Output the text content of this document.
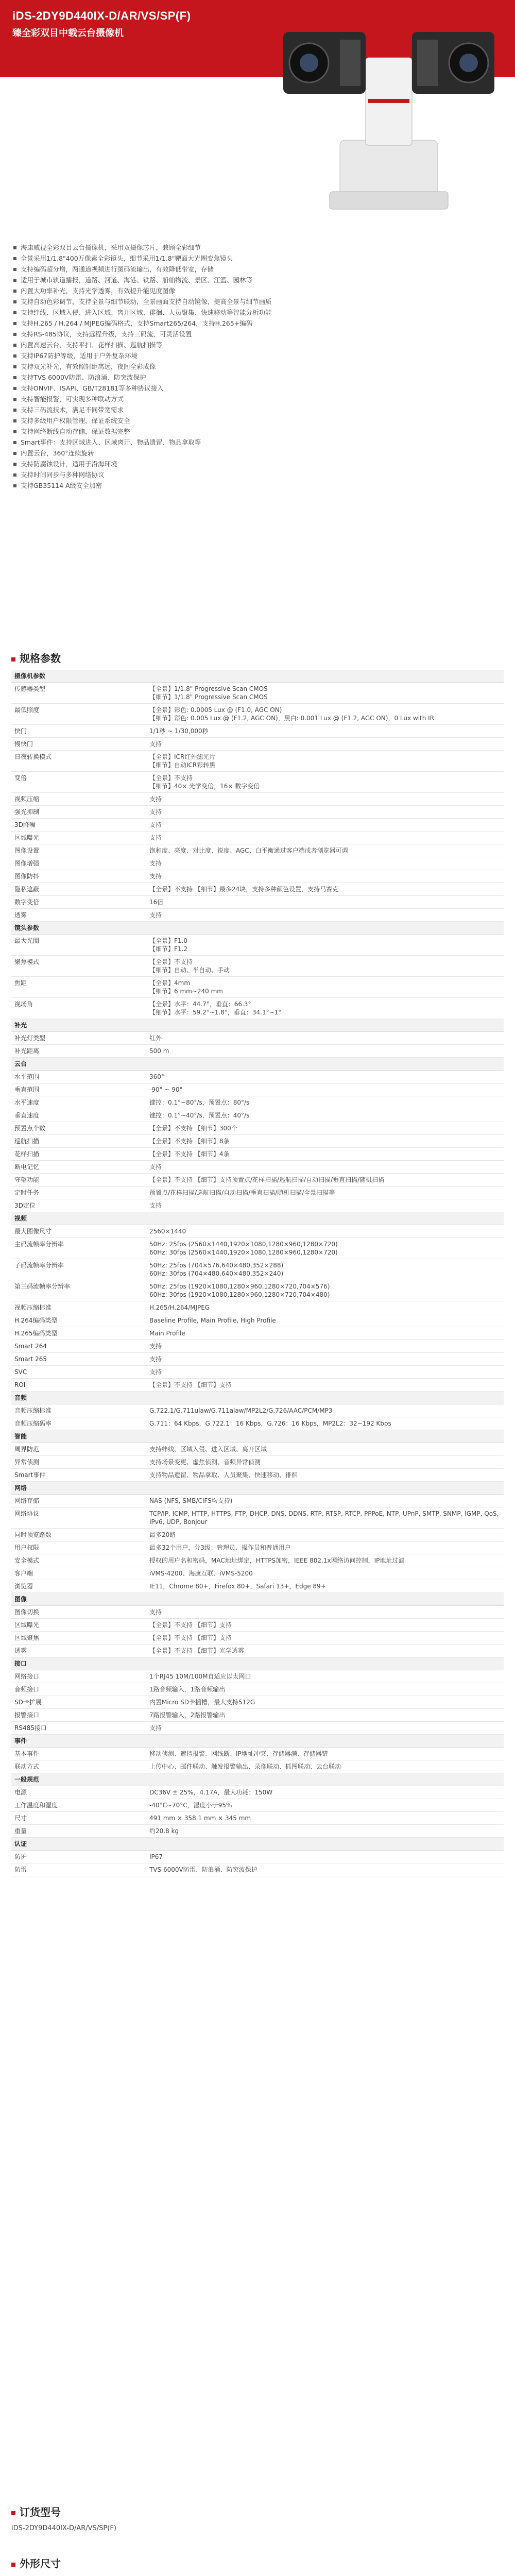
iDS-2DY9D440IX-D/AR/VS/SP(F)
臻全彩双目中载云台摄像机
海康威视全彩双目云台摄像机，采用双摄像芯片，兼顾全彩细节
全景采用1/1.8"400万像素全彩镜头，细节采用1/1.8"靶面大光圈变焦镜头
支持编码超分增，两通道视频进行图码流输出，有效降低带宽，存储
适用于城市轨道播报，道路、河道、海港、铁路、船舶物流、景区、江篮、园林等
内置大功率补光，支持光学透雾，有效提升能见度图像
支持自动色彩调节，支持全景与细节联动，全景画面支持自动镜像，提高全景与细节画质
支持绊线、区域入侵、进入区域、离开区域、徘徊、人员聚集、快速移动等智能分析功能
支持H.265 / H.264 / MJPEG编码格式，支持Smart265/264，支持H.265+编码
支持RS-485协议，支持远程升级，支持三码流，可灵活设置
内置高速云台，支持平扫、花样扫描、巡航扫描等
支持IP67防护等级，适用于户外复杂环境
支持双光补光，有效照射距离远，夜间全彩成像
支持TVS 6000V防雷、防浪涌、防突波保护
支持ONVIF、ISAPI、GB/T28181等多种协议接入
支持智能报警，可实现多种联动方式
支持三码流技术，满足不同带宽需求
支持多级用户权限管理，保证系统安全
支持网络断线自动存储，保证数据完整
Smart事件：支持区域进入、区域离开、物品遗留、物品拿取等
内置云台，360°连续旋转
支持防腐蚀设计，适用于沿海环境
支持时间同步与多种网络协议
支持GB35114 A级安全加密
规格参数
摄像机参数	
传感器类型	【全景】1/1.8" Progressive Scan CMOS
【细节】1/1.8" Progressive Scan CMOS
最低照度	【全景】彩色: 0.0005 Lux @ (F1.0, AGC ON)
【细节】彩色: 0.005 Lux @ (F1.2, AGC ON)，黑白: 0.001 Lux @ (F1.2, AGC ON)，0 Lux with IR
快门	1/1秒 ~ 1/30,000秒
慢快门	支持
日夜转换模式	【全景】ICR红外滤光片
【细节】自动ICR彩转黑
变倍	【全景】不支持
【细节】40× 光学变倍，16× 数字变倍
视频压缩	支持
强光抑制	支持
3D降噪	支持
区域曝光	支持
图像设置	饱和度、亮度、对比度、锐度、AGC、白平衡通过客户端或者浏览器可调
图像增强	支持
图像防抖	支持
隐私遮蔽	【全景】不支持 【细节】最多24块，支持多种颜色设置，支持马赛克
数字变倍	16倍
透雾	支持
镜头参数	
最大光圈	【全景】F1.0
【细节】F1.2
聚焦模式	【全景】不支持
【细节】自动、半自动、手动
焦距	【全景】4mm
【细节】6 mm~240 mm
视场角	【全景】水平：44.7°，垂直：66.3°
【细节】水平：59.2°~1.8°，垂直：34.1°~1°
补光	
补光灯类型	红外
补光距离	500 m
云台	
水平范围	360°
垂直范围	-90° ~ 90°
水平速度	键控：0.1°~80°/s，预置点：80°/s
垂直速度	键控：0.1°~40°/s，预置点：40°/s
预置点个数	【全景】不支持 【细节】300个
巡航扫描	【全景】不支持 【细节】8条
花样扫描	【全景】不支持 【细节】4条
断电记忆	支持
守望功能	【全景】不支持 【细节】支持预置点/花样扫描/巡航扫描/自动扫描/垂直扫描/随机扫描
定时任务	预置点/花样扫描/巡航扫描/自动扫描/垂直扫描/随机扫描/全景扫描等
3D定位	支持
视频	
最大图像尺寸	2560×1440
主码流帧率分辨率	50Hz: 25fps (2560×1440,1920×1080,1280×960,1280×720)
60Hz: 30fps (2560×1440,1920×1080,1280×960,1280×720)
子码流帧率分辨率	50Hz: 25fps (704×576,640×480,352×288)
60Hz: 30fps (704×480,640×480,352×240)
第三码流帧率分辨率	50Hz: 25fps (1920×1080,1280×960,1280×720,704×576)
60Hz: 30fps (1920×1080,1280×960,1280×720,704×480)
视频压缩标准	H.265/H.264/MJPEG
H.264编码类型	Baseline Profile, Main Profile, High Profile
H.265编码类型	Main Profile
Smart 264	支持
Smart 265	支持
SVC	支持
ROI	【全景】不支持 【细节】支持
音频	
音频压缩标准	G.722.1/G.711ulaw/G.711alaw/MP2L2/G.726/AAC/PCM/MP3
音频压缩码率	G.711：64 Kbps，G.722.1：16 Kbps，G.726：16 Kbps，MP2L2：32~192 Kbps
智能	
周界防范	支持绊线、区域入侵、进入区域、离开区域
异常侦测	支持场景变更、虚焦侦测、音频异常侦测
Smart事件	支持物品遗留、物品拿取、人员聚集、快速移动、徘徊
网络	
网络存储	NAS (NFS, SMB/CIFS均支持)
网络协议	TCP/IP, ICMP, HTTP, HTTPS, FTP, DHCP, DNS, DDNS, RTP, RTSP, RTCP, PPPoE, NTP, UPnP, SMTP, SNMP, IGMP, QoS, IPv6, UDP, Bonjour
同时预览路数	最多20路
用户权限	最多32个用户，分3级：管理员、操作员和普通用户
安全模式	授权的用户名和密码，MAC地址绑定，HTTPS加密，IEEE 802.1x网络访问控制，IP地址过滤
客户端	iVMS-4200、海康互联、iVMS-5200
浏览器	IE11，Chrome 80+，Firefox 80+，Safari 13+，Edge 89+
图像	
图像切换	支持
区域曝光	【全景】不支持 【细节】支持
区域聚焦	【全景】不支持 【细节】支持
透雾	【全景】不支持 【细节】光学透雾
接口	
网络接口	1个RJ45 10M/100M自适应以太网口
音频接口	1路音频输入，1路音频输出
SD卡扩展	内置Micro SD卡插槽，最大支持512G
报警接口	7路报警输入，2路报警输出
RS485接口	支持
事件	
基本事件	移动侦测、遮挡报警、网线断、IP地址冲突、存储器满、存储器错
联动方式	上传中心、邮件联动、触发报警输出、录像联动、抓图联动、云台联动
一般规范	
电源	DC36V ± 25%，4.17A，最大功耗：150W
工作温度和湿度	-40°C~70°C，湿度小于95%
尺寸	491 mm × 358.1 mm × 345 mm
重量	约20.8 kg
认证	
防护	IP67
防雷	TVS 6000V防雷、防浪涌、防突波保护
订货型号
iDS-2DY9D440IX-D/AR/VS/SP(F)
外形尺寸
